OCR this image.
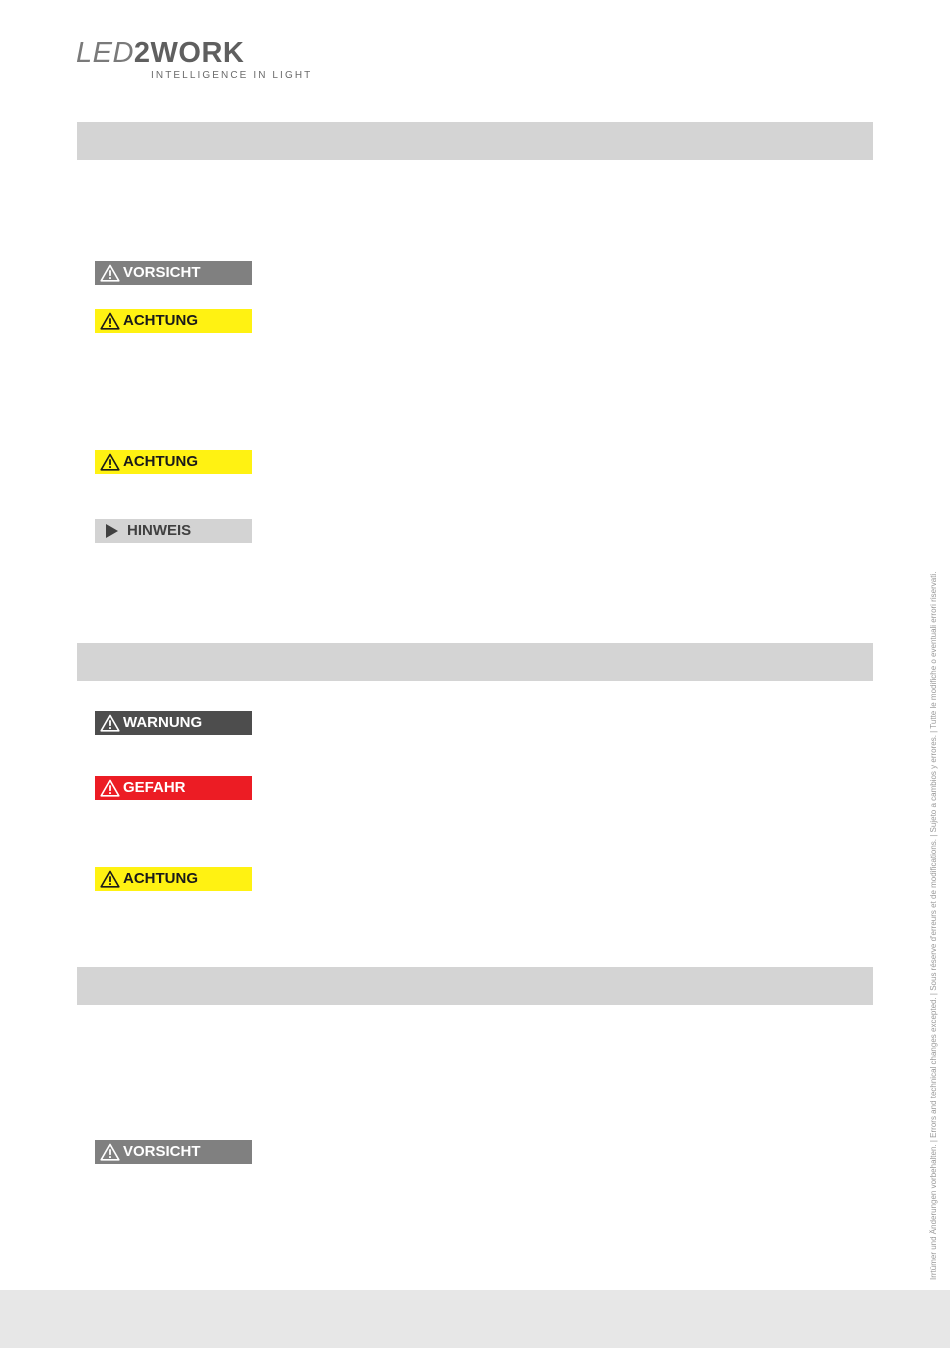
LED2WORK
INTELLIGENCE IN LIGHT
VORSICHT
ACHTUNG
ACHTUNG
HINWEIS
WARNUNG
GEFAHR
ACHTUNG
VORSICHT	Irrtümer und Änderungen vorbehalten. | Errors and technical changes excepted. | Sous réserve d'erreurs et de modifications. | Sujeto a cambios y errores. | Tutte le modifiche o eventuali errori riservati.
